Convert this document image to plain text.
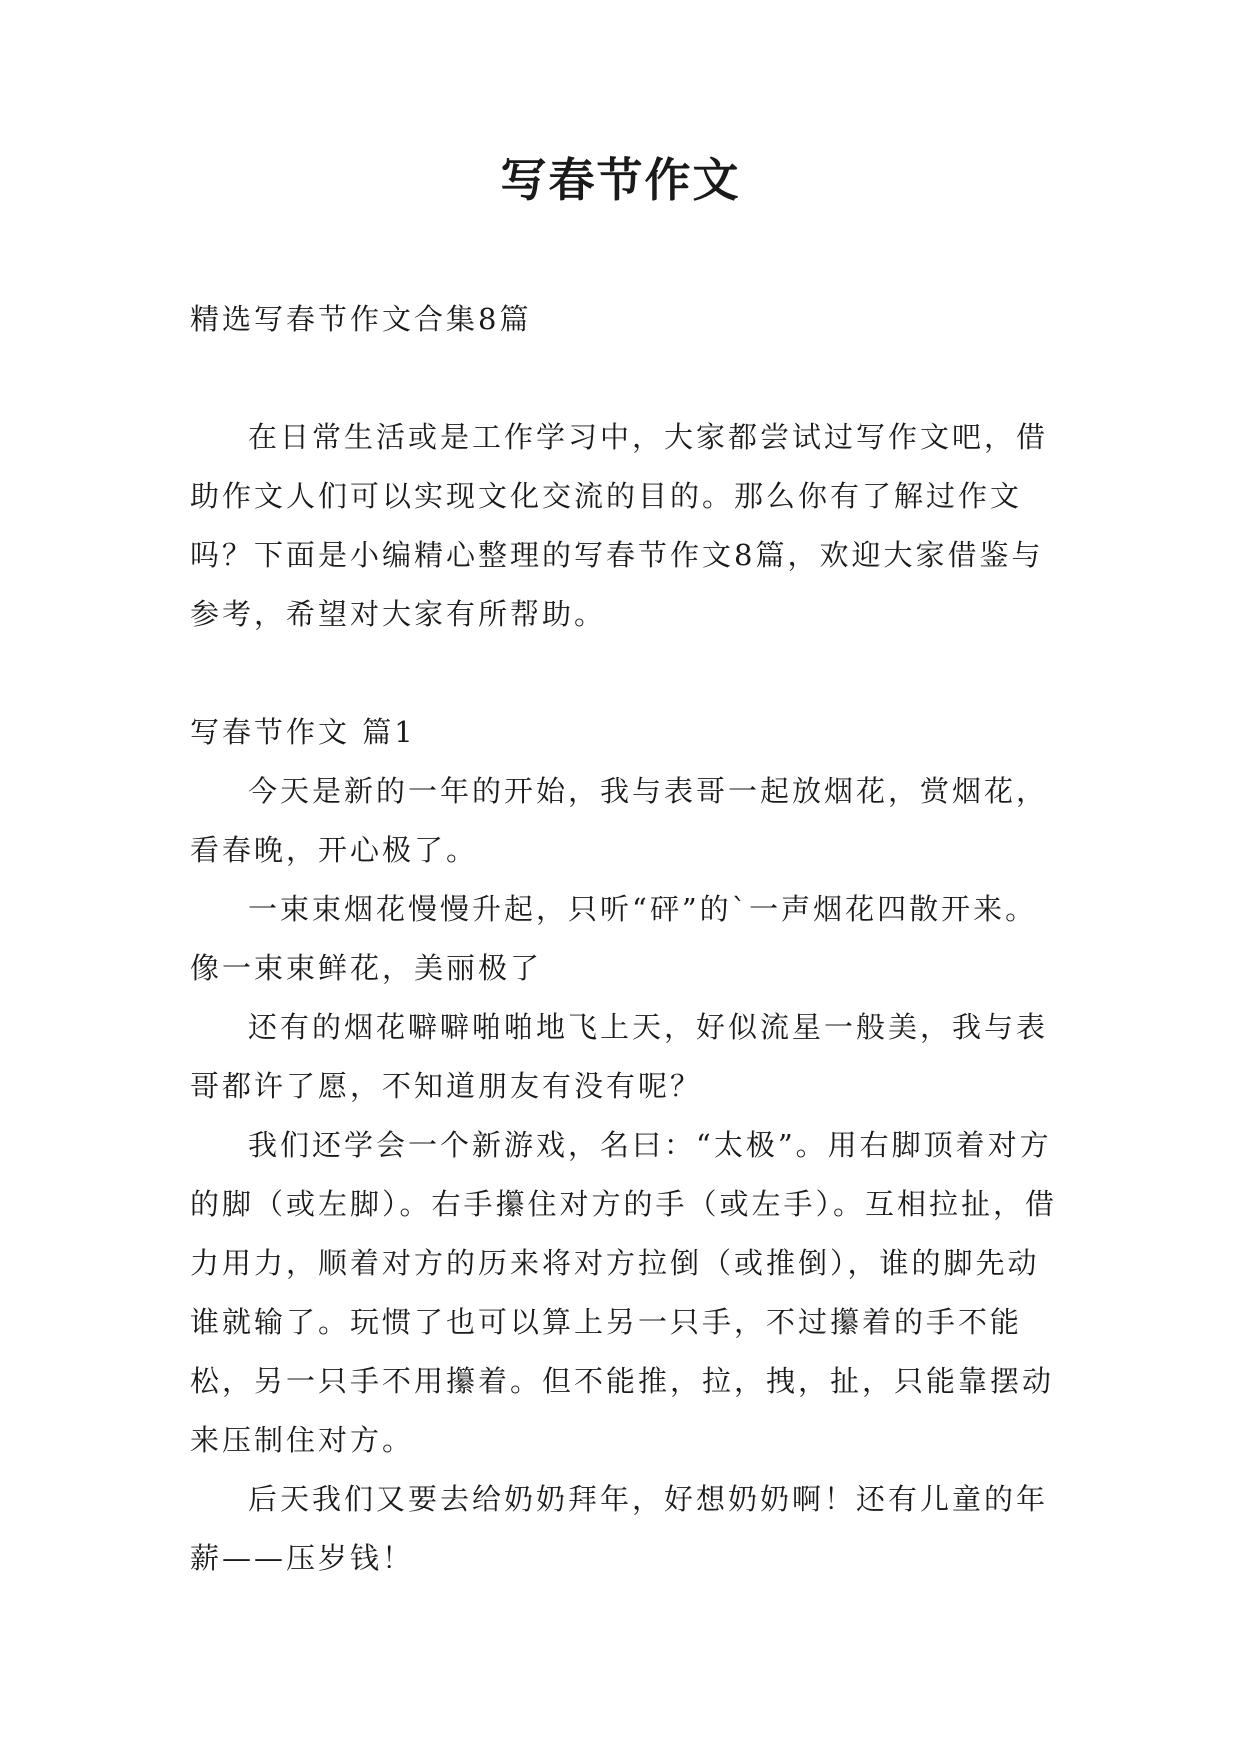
写春节作文

精选写春节作文合集8篇

在日常生活或是工作学习中，大家都尝试过写作文吧，借助作文人们可以实现文化交流的目的。那么你有了解过作文吗？下面是小编精心整理的写春节作文8篇，欢迎大家借鉴与参考，希望对大家有所帮助。

写春节作文 篇1

今天是新的一年的开始，我与表哥一起放烟花，赏烟花，看春晚，开心极了。

一束束烟花慢慢升起，只听“砰”的`一声烟花四散开来。像一束束鲜花，美丽极了

还有的烟花噼噼啪啪地飞上天，好似流星一般美，我与表哥都许了愿，不知道朋友有没有呢？

我们还学会一个新游戏，名曰：“太极”。用右脚顶着对方的脚（或左脚）。右手攥住对方的手（或左手）。互相拉扯，借力用力，顺着对方的历来将对方拉倒（或推倒），谁的脚先动谁就输了。玩惯了也可以算上另一只手，不过攥着的手不能松，另一只手不用攥着。但不能推，拉，拽，扯，只能靠摆动来压制住对方。

后天我们又要去给奶奶拜年，好想奶奶啊！还有儿童的年薪——压岁钱！
